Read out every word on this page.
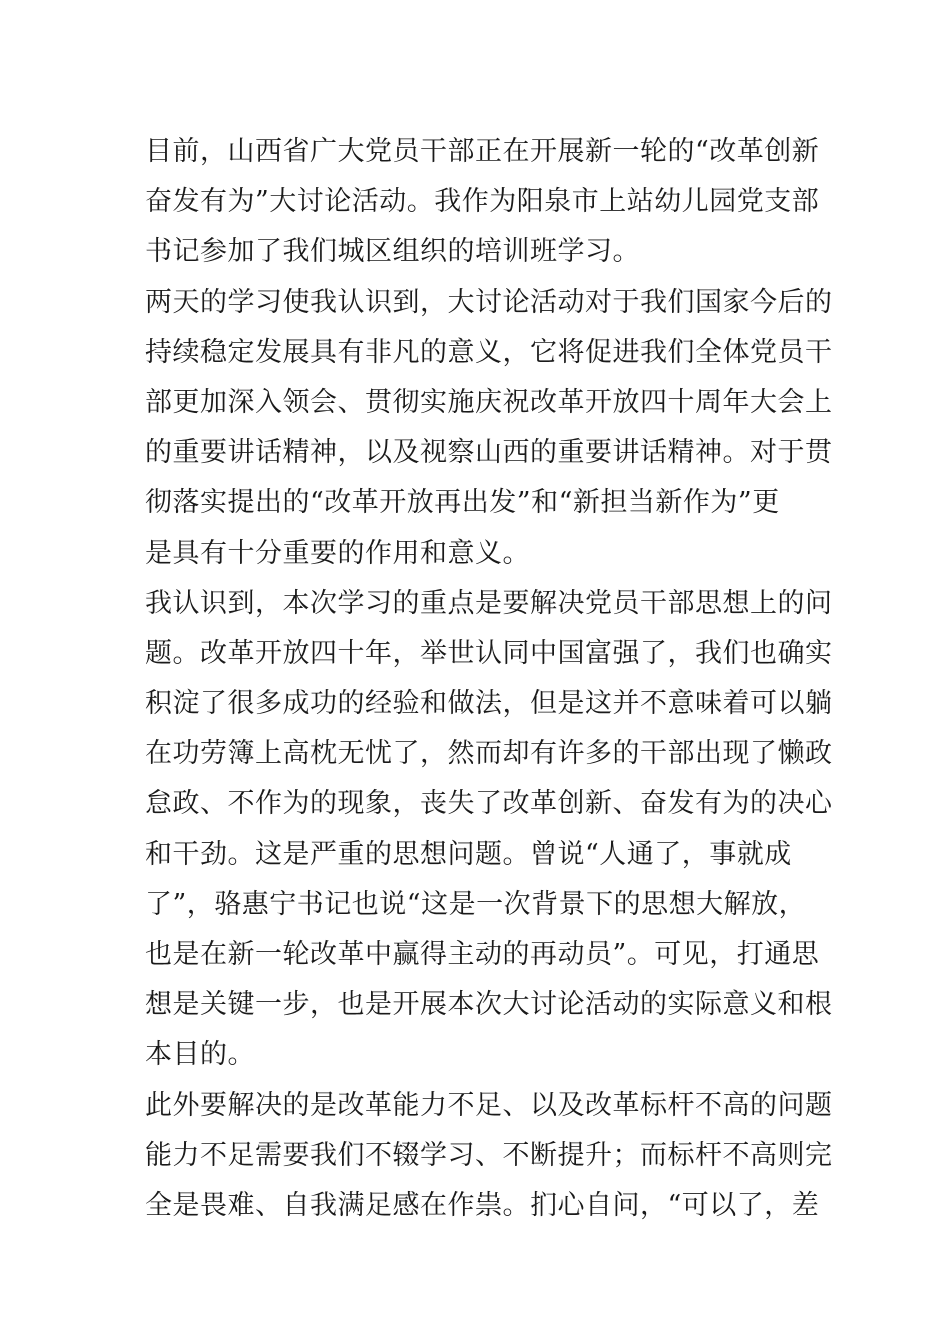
目前，山西省广大党员干部正在开展新一轮的“改革创新
奋发有为”大讨论活动。我作为阳泉市上站幼儿园党支部
书记参加了我们城区组织的培训班学习。
两天的学习使我认识到，大讨论活动对于我们国家今后的
持续稳定发展具有非凡的意义，它将促进我们全体党员干
部更加深入领会、贯彻实施庆祝改革开放四十周年大会上
的重要讲话精神，以及视察山西的重要讲话精神。对于贯
彻落实提出的“改革开放再出发”和“新担当新作为”更
是具有十分重要的作用和意义。
我认识到，本次学习的重点是要解决党员干部思想上的问
题。改革开放四十年，举世认同中国富强了，我们也确实
积淀了很多成功的经验和做法，但是这并不意味着可以躺
在功劳簿上高枕无忧了，然而却有许多的干部出现了懒政
怠政、不作为的现象，丧失了改革创新、奋发有为的决心
和干劲。这是严重的思想问题。曾说“人通了，事就成
了”，骆惠宁书记也说“这是一次背景下的思想大解放，
也是在新一轮改革中赢得主动的再动员”。可见，打通思
想是关键一步，也是开展本次大讨论活动的实际意义和根
本目的。
此外要解决的是改革能力不足、以及改革标杆不高的问题
能力不足需要我们不辍学习、不断提升；而标杆不高则完
全是畏难、自我满足感在作祟。扪心自问，“可以了，差
